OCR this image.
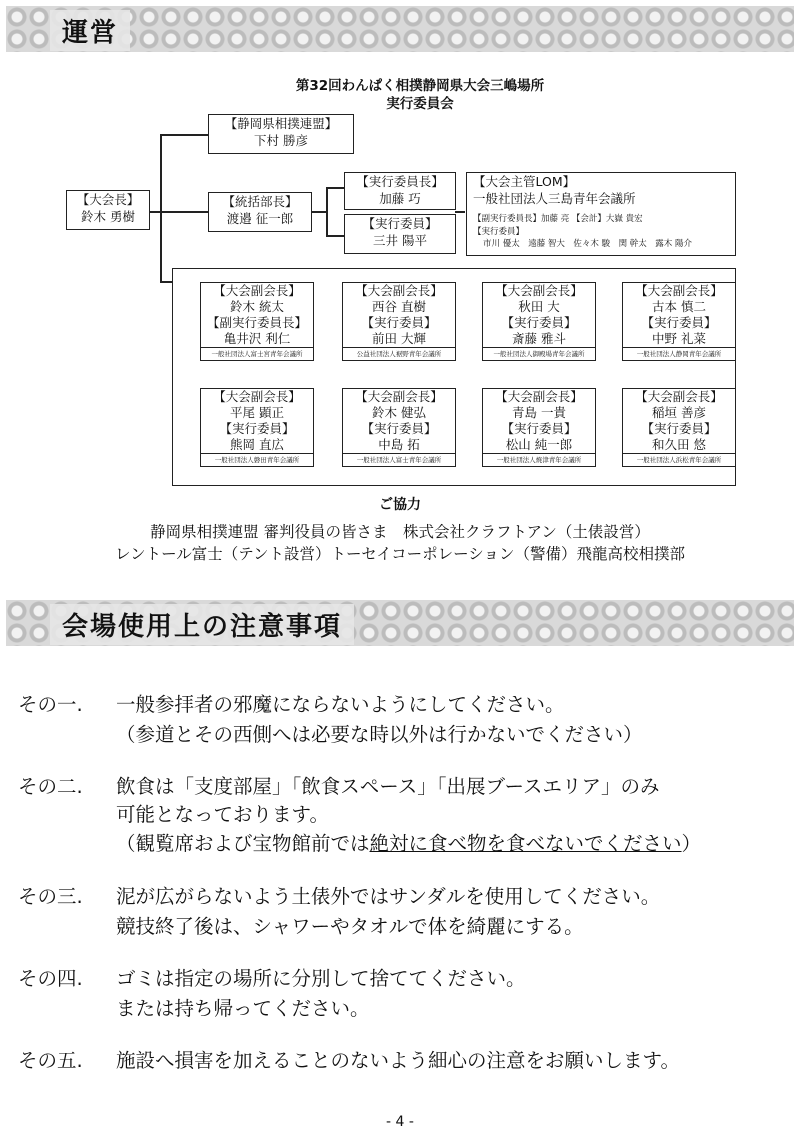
運営
第32回わんぱく相撲静岡県大会三嶋場所
実行委員会
【静岡県相撲連盟】
下村 勝彦
【大会長】
鈴木 勇樹
【統括部長】
渡邉 征一郎
【実行委員長】
加藤 巧
【実行委員】
三井 陽平
【大会主管LOM】
一般社団法人三島青年会議所
【副実行委員長】加藤 亮 【会計】大嶽 貴宏
【実行委員】
市川 優太　遠藤 智大　佐々木 駿　関 幹太　露木 陽介
【大会副会長】
鈴木 統太
【副実行委員長】
亀井沢 利仁
一般社団法人富士宮青年会議所
【大会副会長】
西谷 直樹
【実行委員】
前田 大輝
公益社団法人裾野青年会議所
【大会副会長】
秋田 大
【実行委員】
斎藤 雅斗
一般社団法人御殿場青年会議所
【大会副会長】
古本 慎二
【実行委員】
中野 礼菜
一般社団法人静岡青年会議所
【大会副会長】
平尾 顕正
【実行委員】
熊岡 直広
一般社団法人磐田青年会議所
【大会副会長】
鈴木 健弘
【実行委員】
中島 拓
一般社団法人富士青年会議所
【大会副会長】
青島 一貴
【実行委員】
松山 純一郎
一般社団法人焼津青年会議所
【大会副会長】
稲垣 善彦
【実行委員】
和久田 悠
一般社団法人浜松青年会議所
ご協力
静岡県相撲連盟 審判役員の皆さま　株式会社クラフトアン（土俵設営）
レントール富士（テント設営）トーセイコーポレーション（警備）飛龍高校相撲部
会場使用上の注意事項
その一.	一般参拝者の邪魔にならないようにしてください。
（参道とその西側へは必要な時以外は行かないでください）
その二.	飲食は「支度部屋」「飲食スペース」「出展ブースエリア」のみ
可能となっております。
（観覧席および宝物館前では絶対に食べ物を食べないでください）
その三.	泥が広がらないよう土俵外ではサンダルを使用してください。
競技終了後は、シャワーやタオルで体を綺麗にする。
その四.	ゴミは指定の場所に分別して捨ててください。
または持ち帰ってください。
その五.	施設へ損害を加えることのないよう細心の注意をお願いします。
- 4 -
